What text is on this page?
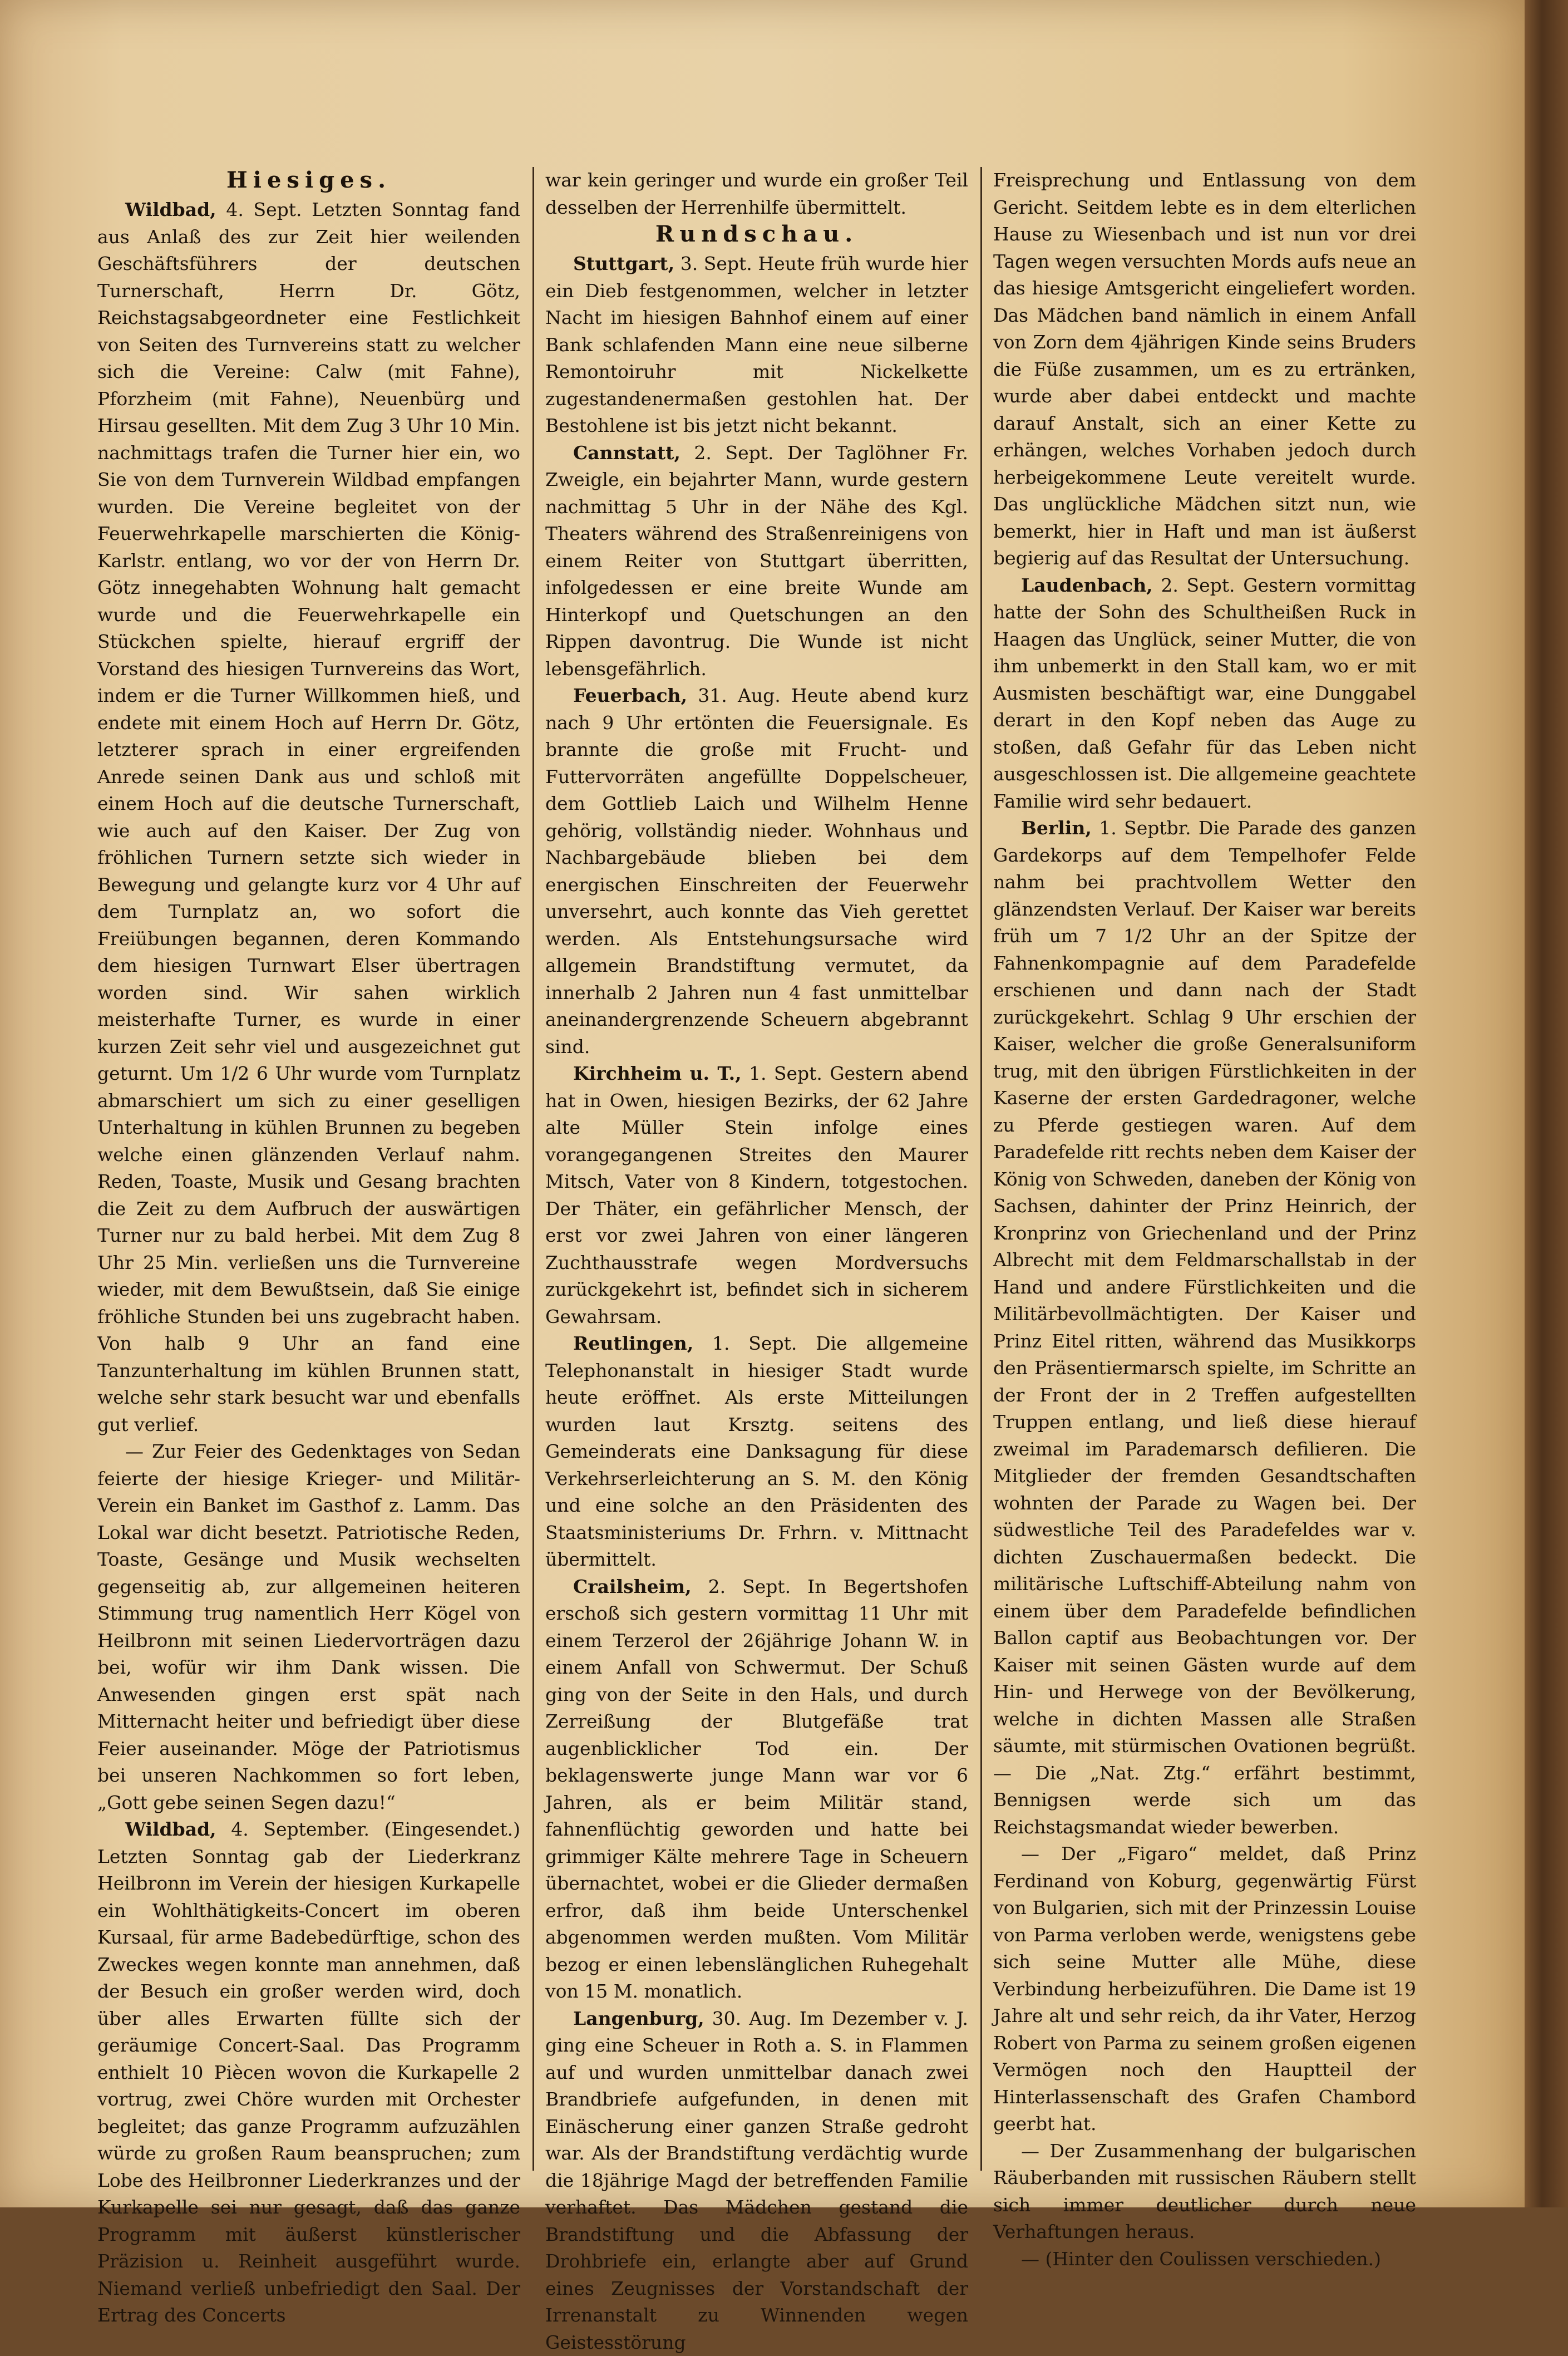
Hiesiges.

Wildbad, 4. Sept. Letzten Sonntag fand aus Anlaß des zur Zeit hier weilenden Geschäftsführers der deutschen Turnerschaft, Herrn Dr. Götz, Reichstagsabgeordneter eine Festlichkeit von Seiten des Turnvereins statt zu welcher sich die Vereine: Calw (mit Fahne), Pforzheim (mit Fahne), Neuenbürg und Hirsau gesellten. Mit dem Zug 3 Uhr 10 Min. nachmittags trafen die Turner hier ein, wo Sie von dem Turnverein Wildbad empfangen wurden. Die Vereine begleitet von der Feuerwehrkapelle marschierten die König-Karlstr. entlang, wo vor der von Herrn Dr. Götz innegehabten Wohnung halt gemacht wurde und die Feuerwehrkapelle ein Stückchen spielte, hierauf ergriff der Vorstand des hiesigen Turnvereins das Wort, indem er die Turner Willkommen hieß, und endete mit einem Hoch auf Herrn Dr. Götz, letzterer sprach in einer ergreifenden Anrede seinen Dank aus und schloß mit einem Hoch auf die deutsche Turnerschaft, wie auch auf den Kaiser. Der Zug von fröhlichen Turnern setzte sich wieder in Bewegung und gelangte kurz vor 4 Uhr auf dem Turnplatz an, wo sofort die Freiübungen begannen, deren Kommando dem hiesigen Turnwart Elser übertragen worden sind. Wir sahen wirklich meisterhafte Turner, es wurde in einer kurzen Zeit sehr viel und ausgezeichnet gut geturnt. Um 1/2 6 Uhr wurde vom Turnplatz abmarschiert um sich zu einer geselligen Unterhaltung in kühlen Brunnen zu begeben welche einen glänzenden Verlauf nahm. Reden, Toaste, Musik und Gesang brachten die Zeit zu dem Aufbruch der auswärtigen Turner nur zu bald herbei. Mit dem Zug 8 Uhr 25 Min. verließen uns die Turnvereine wieder, mit dem Bewußtsein, daß Sie einige fröhliche Stunden bei uns zugebracht haben. Von halb 9 Uhr an fand eine Tanzunterhaltung im kühlen Brunnen statt, welche sehr stark besucht war und ebenfalls gut verlief.

— Zur Feier des Gedenktages von Sedan feierte der hiesige Krieger- und Militär-Verein ein Banket im Gasthof z. Lamm. Das Lokal war dicht besetzt. Patriotische Reden, Toaste, Gesänge und Musik wechselten gegenseitig ab, zur allgemeinen heiteren Stimmung trug namentlich Herr Kögel von Heilbronn mit seinen Liedervorträgen dazu bei, wofür wir ihm Dank wissen. Die Anwesenden gingen erst spät nach Mitternacht heiter und befriedigt über diese Feier auseinander. Möge der Patriotismus bei unseren Nachkommen so fort leben, „Gott gebe seinen Segen dazu!“

Wildbad, 4. September. (Eingesendet.) Letzten Sonntag gab der Liederkranz Heilbronn im Verein der hiesigen Kurkapelle ein Wohlthätigkeits-Concert im oberen Kursaal, für arme Badebedürftige, schon des Zweckes wegen konnte man annehmen, daß der Besuch ein großer werden wird, doch über alles Erwarten füllte sich der geräumige Concert-Saal. Das Programm enthielt 10 Piècen wovon die Kurkapelle 2 vortrug, zwei Chöre wurden mit Orchester begleitet; das ganze Programm aufzuzählen würde zu großen Raum beanspruchen; zum Lobe des Heilbronner Liederkranzes und der Kurkapelle sei nur gesagt, daß das ganze Programm mit äußerst künstlerischer Präzision u. Reinheit ausgeführt wurde. Niemand verließ unbefriedigt den Saal. Der Ertrag des Concerts

war kein geringer und wurde ein großer Teil desselben der Herrenhilfe übermittelt.

Rundschau.

Stuttgart, 3. Sept. Heute früh wurde hier ein Dieb festgenommen, welcher in letzter Nacht im hiesigen Bahnhof einem auf einer Bank schlafenden Mann eine neue silberne Remontoiruhr mit Nickelkette zugestandenermaßen gestohlen hat. Der Bestohlene ist bis jetzt nicht bekannt.

Cannstatt, 2. Sept. Der Taglöhner Fr. Zweigle, ein bejahrter Mann, wurde gestern nachmittag 5 Uhr in der Nähe des Kgl. Theaters während des Straßenreinigens von einem Reiter von Stuttgart überritten, infolgedessen er eine breite Wunde am Hinterkopf und Quetschungen an den Rippen davontrug. Die Wunde ist nicht lebensgefährlich.

Feuerbach, 31. Aug. Heute abend kurz nach 9 Uhr ertönten die Feuersignale. Es brannte die große mit Frucht- und Futtervorräten angefüllte Doppelscheuer, dem Gottlieb Laich und Wilhelm Henne gehörig, vollständig nieder. Wohnhaus und Nachbargebäude blieben bei dem energischen Einschreiten der Feuerwehr unversehrt, auch konnte das Vieh gerettet werden. Als Entstehungsursache wird allgemein Brandstiftung vermutet, da innerhalb 2 Jahren nun 4 fast unmittelbar aneinandergrenzende Scheuern abgebrannt sind.

Kirchheim u. T., 1. Sept. Gestern abend hat in Owen, hiesigen Bezirks, der 62 Jahre alte Müller Stein infolge eines vorangegangenen Streites den Maurer Mitsch, Vater von 8 Kindern, totgestochen. Der Thäter, ein gefährlicher Mensch, der erst vor zwei Jahren von einer längeren Zuchthausstrafe wegen Mordversuchs zurückgekehrt ist, befindet sich in sicherem Gewahrsam.

Reutlingen, 1. Sept. Die allgemeine Telephonanstalt in hiesiger Stadt wurde heute eröffnet. Als erste Mitteilungen wurden laut Krsztg. seitens des Gemeinderats eine Danksagung für diese Verkehrserleichterung an S. M. den König und eine solche an den Präsidenten des Staatsministeriums Dr. Frhrn. v. Mittnacht übermittelt.

Crailsheim, 2. Sept. In Begertshofen erschoß sich gestern vormittag 11 Uhr mit einem Terzerol der 26jährige Johann W. in einem Anfall von Schwermut. Der Schuß ging von der Seite in den Hals, und durch Zerreißung der Blutgefäße trat augenblicklicher Tod ein. Der beklagenswerte junge Mann war vor 6 Jahren, als er beim Militär stand, fahnenflüchtig geworden und hatte bei grimmiger Kälte mehrere Tage in Scheuern übernachtet, wobei er die Glieder dermaßen erfror, daß ihm beide Unterschenkel abgenommen werden mußten. Vom Militär bezog er einen lebenslänglichen Ruhegehalt von 15 M. monatlich.

Langenburg, 30. Aug. Im Dezember v. J. ging eine Scheuer in Roth a. S. in Flammen auf und wurden unmittelbar danach zwei Brandbriefe aufgefunden, in denen mit Einäscherung einer ganzen Straße gedroht war. Als der Brandstiftung verdächtig wurde die 18jährige Magd der betreffenden Familie verhaftet. Das Mädchen gestand die Brandstiftung und die Abfassung der Drohbriefe ein, erlangte aber auf Grund eines Zeugnisses der Vorstandschaft der Irrenanstalt zu Winnenden wegen Geistesstörung

Freisprechung und Entlassung von dem Gericht. Seitdem lebte es in dem elterlichen Hause zu Wiesenbach und ist nun vor drei Tagen wegen versuchten Mords aufs neue an das hiesige Amtsgericht eingeliefert worden. Das Mädchen band nämlich in einem Anfall von Zorn dem 4jährigen Kinde seins Bruders die Füße zusammen, um es zu ertränken, wurde aber dabei entdeckt und machte darauf Anstalt, sich an einer Kette zu erhängen, welches Vorhaben jedoch durch herbeigekommene Leute vereitelt wurde. Das unglückliche Mädchen sitzt nun, wie bemerkt, hier in Haft und man ist äußerst begierig auf das Resultat der Untersuchung.

Laudenbach, 2. Sept. Gestern vormittag hatte der Sohn des Schultheißen Ruck in Haagen das Unglück, seiner Mutter, die von ihm unbemerkt in den Stall kam, wo er mit Ausmisten beschäftigt war, eine Dunggabel derart in den Kopf neben das Auge zu stoßen, daß Gefahr für das Leben nicht ausgeschlossen ist. Die allgemeine geachtete Familie wird sehr bedauert.

Berlin, 1. Septbr. Die Parade des ganzen Gardekorps auf dem Tempelhofer Felde nahm bei prachtvollem Wetter den glänzendsten Verlauf. Der Kaiser war bereits früh um 7 1/2 Uhr an der Spitze der Fahnenkompagnie auf dem Paradefelde erschienen und dann nach der Stadt zurückgekehrt. Schlag 9 Uhr erschien der Kaiser, welcher die große Generalsuniform trug, mit den übrigen Fürstlichkeiten in der Kaserne der ersten Gardedragoner, welche zu Pferde gestiegen waren. Auf dem Paradefelde ritt rechts neben dem Kaiser der König von Schweden, daneben der König von Sachsen, dahinter der Prinz Heinrich, der Kronprinz von Griechenland und der Prinz Albrecht mit dem Feldmarschallstab in der Hand und andere Fürstlichkeiten und die Militärbevollmächtigten. Der Kaiser und Prinz Eitel ritten, während das Musikkorps den Präsentiermarsch spielte, im Schritte an der Front der in 2 Treffen aufgestellten Truppen entlang, und ließ diese hierauf zweimal im Parademarsch defilieren. Die Mitglieder der fremden Gesandtschaften wohnten der Parade zu Wagen bei. Der südwestliche Teil des Paradefeldes war v. dichten Zuschauermaßen bedeckt. Die militärische Luftschiff-Abteilung nahm von einem über dem Paradefelde befindlichen Ballon captif aus Beobachtungen vor. Der Kaiser mit seinen Gästen wurde auf dem Hin- und Herwege von der Bevölkerung, welche in dichten Massen alle Straßen säumte, mit stürmischen Ovationen begrüßt. — Die „Nat. Ztg.“ erfährt bestimmt, Bennigsen werde sich um das Reichstagsmandat wieder bewerben.

— Der „Figaro“ meldet, daß Prinz Ferdinand von Koburg, gegenwärtig Fürst von Bulgarien, sich mit der Prinzessin Louise von Parma verloben werde, wenigstens gebe sich seine Mutter alle Mühe, diese Verbindung herbeizuführen. Die Dame ist 19 Jahre alt und sehr reich, da ihr Vater, Herzog Robert von Parma zu seinem großen eigenen Vermögen noch den Hauptteil der Hinterlassenschaft des Grafen Chambord geerbt hat.

— Der Zusammenhang der bulgarischen Räuberbanden mit russischen Räubern stellt sich immer deutlicher durch neue Verhaftungen heraus.

— (Hinter den Coulissen verschieden.)
